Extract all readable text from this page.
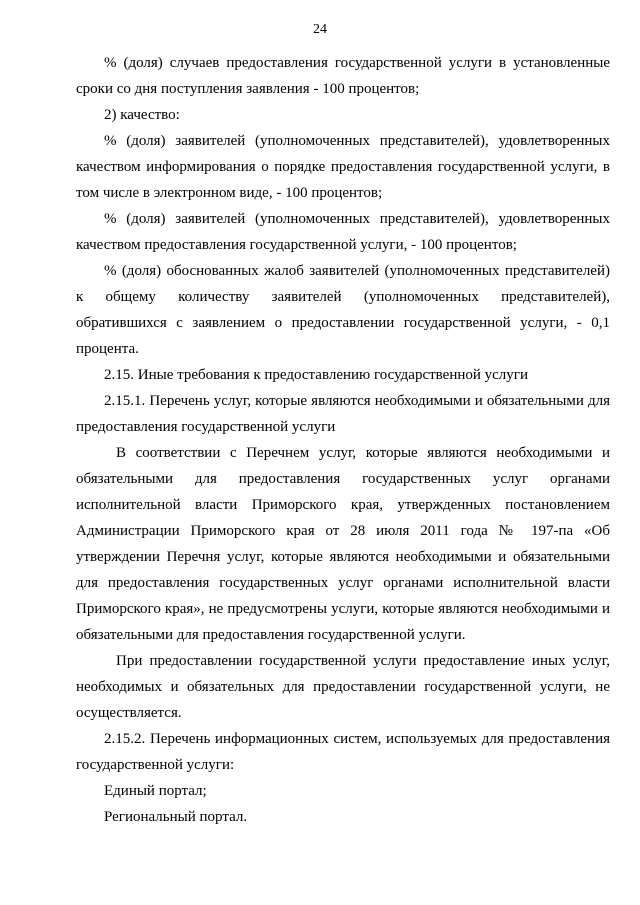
24

% (доля) случаев предоставления государственной услуги в установленные сроки со дня поступления заявления - 100 процентов;

2) качество:

% (доля) заявителей (уполномоченных представителей), удовлетворенных качеством информирования о порядке предоставления государственной услуги, в том числе в электронном виде, - 100 процентов;

% (доля) заявителей (уполномоченных представителей), удовлетворенных качеством предоставления государственной услуги, - 100 процентов;

% (доля) обоснованных жалоб заявителей (уполномоченных представителей) к общему количеству заявителей (уполномоченных представителей), обратившихся с заявлением о предоставлении государственной услуги, - 0,1 процента.

2.15. Иные требования к предоставлению государственной услуги

2.15.1. Перечень услуг, которые являются необходимыми и обязательными для предоставления государственной услуги

В соответствии с Перечнем услуг, которые являются необходимыми и обязательными для предоставления государственных услуг органами исполнительной власти Приморского края, утвержденных постановлением Администрации Приморского края от 28 июля 2011 года № 197-па «Об утверждении Перечня услуг, которые являются необходимыми и обязательными для предоставления государственных услуг органами исполнительной власти Приморского края», не предусмотрены услуги, которые являются необходимыми и обязательными для предоставления государственной услуги.

При предоставлении государственной услуги предоставление иных услуг, необходимых и обязательных для предоставлении государственной услуги, не осуществляется.

2.15.2. Перечень информационных систем, используемых для предоставления государственной услуги:

Единый портал;

Региональный портал.
